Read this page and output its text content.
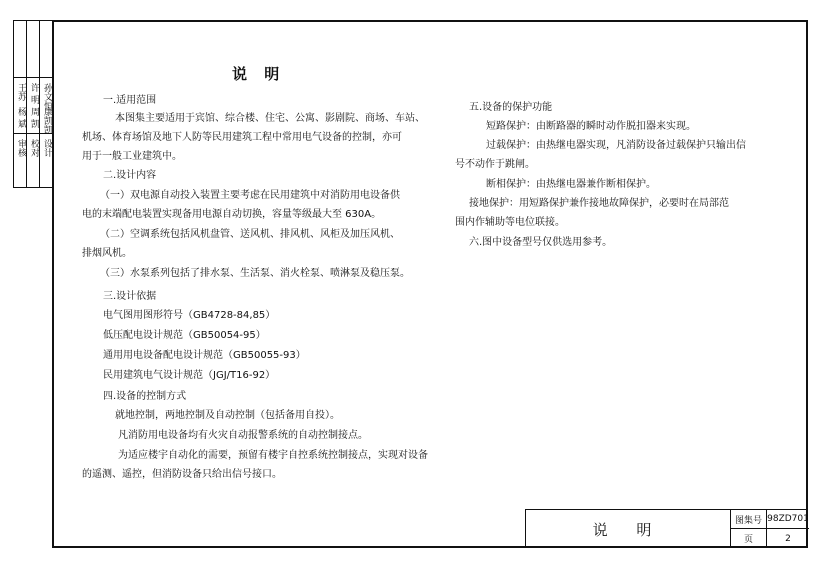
王苏 许 明 孙文恒
审核 校对 设计
杨 斌 周 凯 康凯凯
说 明
一.适用范围
本图集主要适用于宾馆、综合楼、住宅、公寓、影剧院、商场、车站、
机场、体育场馆及地下人防等民用建筑工程中常用电气设备的控制，亦可
用于一般工业建筑中。
二.设计内容
（一）双电源自动投入装置主要考虑在民用建筑中对消防用电设备供
电的末端配电装置实现备用电源自动切换，容量等级最大至 630A。
（二）空调系统包括风机盘管、送风机、排风机、风柜及加压风机、
排烟风机。
（三）水泵系列包括了排水泵、生活泵、消火栓泵、喷淋泵及稳压泵。
三.设计依据
电气图用图形符号（GB4728-84,85）
低压配电设计规范（GB50054-95）
通用用电设备配电设计规范（GB50055-93）
民用建筑电气设计规范（JGJ/T16-92）
四.设备的控制方式
就地控制，两地控制及自动控制（包括备用自投）。
凡消防用电设备均有火灾自动报警系统的自动控制接点。
为适应楼宇自动化的需要，预留有楼宇自控系统控制接点，实现对设备
的遥测、遥控，但消防设备只给出信号接口。
五.设备的保护功能
短路保护：由断路器的瞬时动作脱扣器来实现。
过载保护：由热继电器实现，凡消防设备过载保护只输出信
号不动作于跳闸。
断相保护：由热继电器兼作断相保护。
接地保护：用短路保护兼作接地故障保护，必要时在局部范
围内作辅助等电位联接。
六.图中设备型号仅供选用参考。
说 明	图集号 98ZD701
页	2
